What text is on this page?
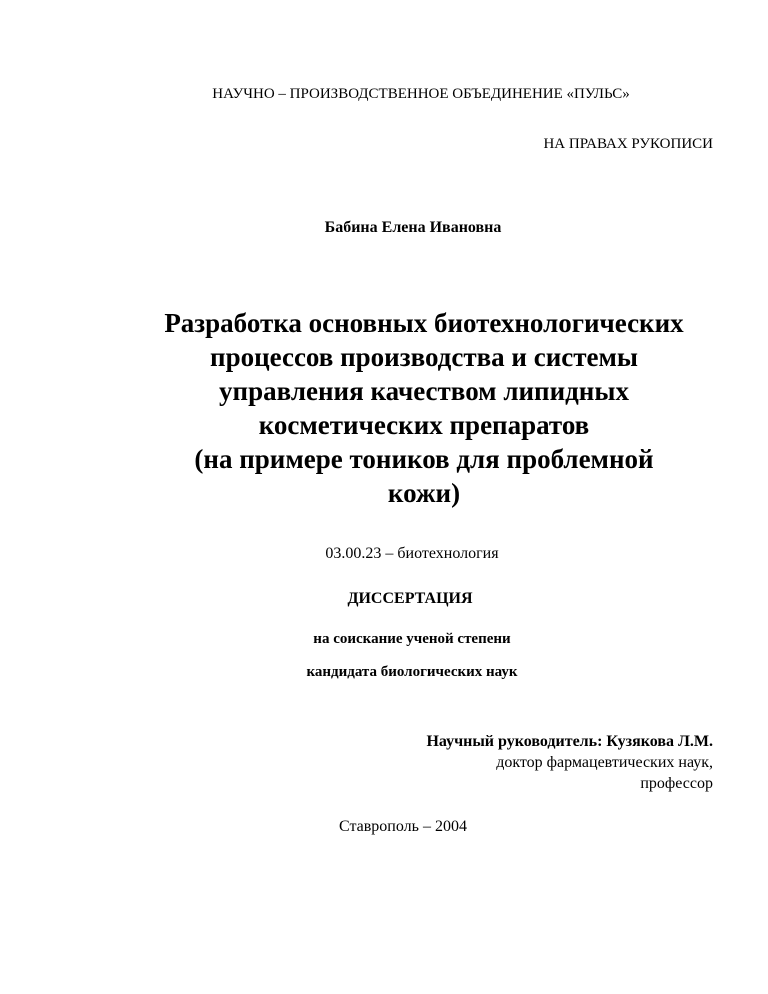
НАУЧНО – ПРОИЗВОДСТВЕННОЕ ОБЪЕДИНЕНИЕ «ПУЛЬС»
НА ПРАВАХ РУКОПИСИ
Бабина Елена Ивановна
Разработка основных биотехнологических
процессов производства и системы
управления качеством липидных
косметических препаратов
(на примере тоников для проблемной
кожи)
03.00.23 – биотехнология
ДИССЕРТАЦИЯ
на соискание ученой степени
кандидата биологических наук
Научный руководитель: Кузякова Л.М.
доктор фармацевтических наук,
профессор
Ставрополь – 2004
